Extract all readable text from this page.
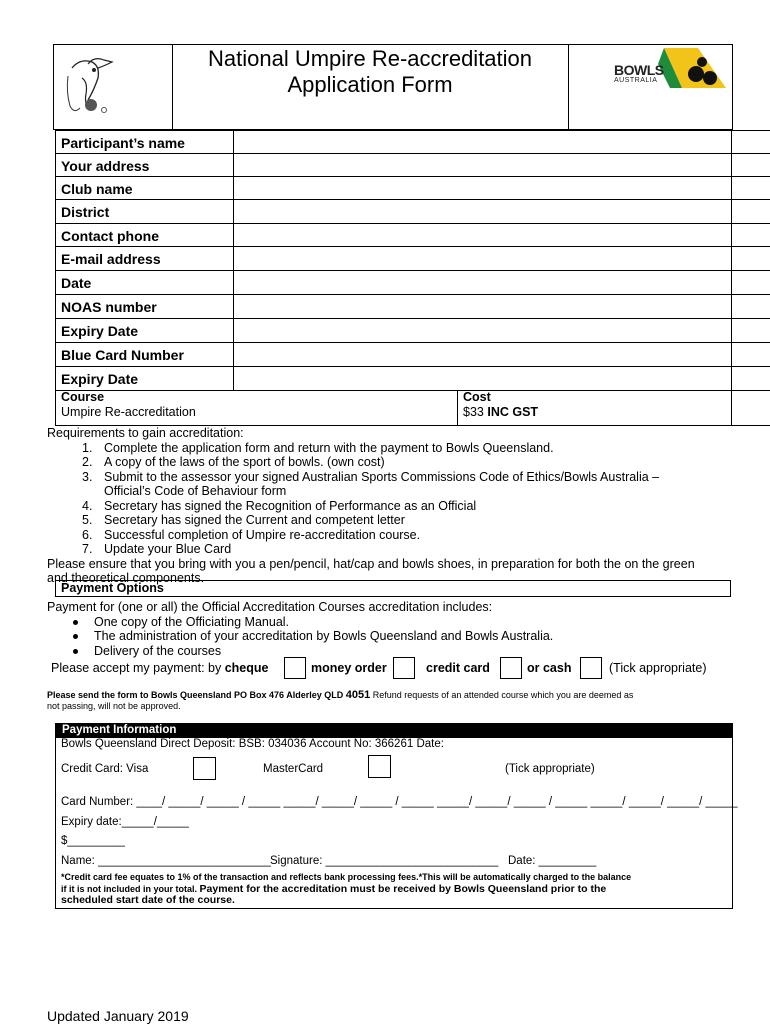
National Umpire Re-accreditation
Application Form
BOWLS
AUSTRALIA
Participant’s name
Your address
Club name
District
Contact phone
E-mail address
Date
NOAS number
Expiry Date
Blue Card Number
Expiry Date
Course
Umpire Re-accreditation
Cost
$33 INC GST
Requirements to gain accreditation:
1. Complete the application form and return with the payment to Bowls Queensland.
2. A copy of the laws of the sport of bowls. (own cost)
3. Submit to the assessor your signed Australian Sports Commissions Code of Ethics/Bowls Australia –
Official’s Code of Behaviour form
4. Secretary has signed the Recognition of Performance as an Official
5. Secretary has signed the Current and competent letter
6. Successful completion of Umpire re-accreditation course.
7. Update your Blue Card
Please ensure that you bring with you a pen/pencil, hat/cap and bowls shoes, in preparation for both the on the green
and theoretical components.
Payment Options
Payment for (one or all) the Official Accreditation Courses accreditation includes:
One copy of the Officiating Manual.
The administration of your accreditation by Bowls Queensland and Bowls Australia.
Delivery of the courses
Please accept my payment: by cheque	money order	credit card	or cash	(Tick appropriate)
Please send the form to Bowls Queensland PO Box 476 Alderley QLD 4051 Refund requests of an attended course which you are deemed as
not passing, will not be approved.
Payment Information
Bowls Queensland Direct Deposit: BSB: 034036 Account No: 366261 Date:
Credit Card: Visa	MasterCard	(Tick appropriate)
Card Number: ____/ _____/ _____ / _____ _____/ _____/ _____ / _____ _____/ _____/ _____ / _____ _____/ _____/ _____/ _____
Expiry date:_____/_____
$_________
Name: ___________________________ Signature: ___________________________ Date: _________
*Credit card fee equates to 1% of the transaction and reflects bank processing fees.*This will be automatically charged to the balance
if it is not included in your total. Payment for the accreditation must be received by Bowls Queensland prior to the
scheduled start date of the course.
Updated January 2019
